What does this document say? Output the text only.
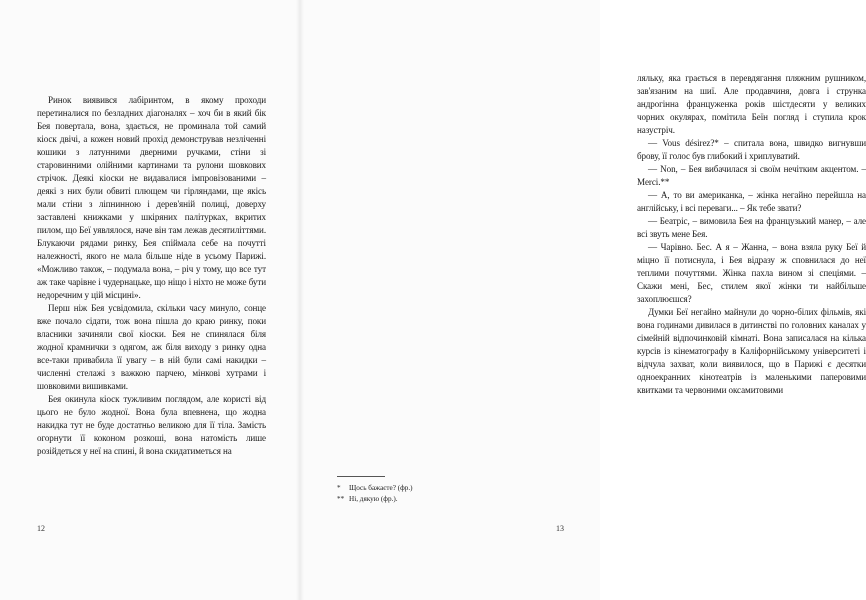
Ринок виявився лабіринтом, в якому проходи перетиналися по безладних діагоналях – хоч би в який бік Бея повертала, вона, здається, не проминала той самий кіоск двічі, а кожен новий прохід демонстрував незліченні кошики з латунними дверними ручками, стіни зі старовинними олійними картинами та рулони шовкових стрічок. Деякі кіоски не видавалися імпровізованими – деякі з них були обвиті плющем чи гірляндами, ще якісь мали стіни з ліпнинною і дерев'яній полиці, доверху заставлені книжками у шкіряних палітурках, вкритих пилом, що Беї уявлялося, наче він там лежав десятиліттями. Блукаючи рядами ринку, Бея спіймала себе на почутті належності, якого не мала більше ніде в усьому Парижі. «Можливо також, – подумала вона, – річ у тому, що все тут аж таке чарівне і чудернацьке, що ніщо і ніхто не може бути недоречним у цій місцині».

Перш ніж Бея усвідомила, скільки часу минуло, сонце вже почало сідати, тож вона пішла до краю ринку, поки власники зачиняли свої кіоски. Бея не спинялася біля жодної крамнички з одягом, аж біля виходу з ринку одна все-таки привабила її увагу – в ній були самі накидки – численні стелажі з важкою парчею, мінкові хутрами і шовковими вишивками.

Бея окинула кіоск тужливим поглядом, але користі від цього не було жодної. Вона була впевнена, що жодна накидка тут не буде достатньо великою для її тіла. Замість огорнути її коконом розкоші, вона натомість лише розійдеться у неї на спині, й вона скидатиметься на

12

ляльку, яка грається в перевдягання пляжним рушником, зав'язаним на шиї. Але продавчиня, довга і струнка андрогінна француженка років шістдесяти у великих чорних окулярах, помітила Беїн погляд і ступила крок назустріч.

— Vous désirez?* – спитала вона, швидко вигнувши брову, її голос був глибокий і хриплуватий.

— Non, – Бея вибачилася зі своїм нечітким акцентом. – Merci.**

— А, то ви американка, – жінка негайно перейшла на англійську, і всі переваги... – Як тебе звати?

— Беатріс, – вимовила Бея на французький манер, – але всі звуть мене Бея.

— Чарівно. Бес. А я – Жанна, – вона взяла руку Беї й міцно її потиснула, і Бея відразу ж сповнилася до неї теплими почуттями. Жінка пахла вином зі спеціями. – Скажи мені, Бес, стилем якої жінки ти найбільше захоплюєшся?

Думки Беї негайно майнули до чорно-білих фільмів, які вона годинами дивилася в дитинстві по головних каналах у сімейній відпочинковій кімнаті. Вона записалася на кілька курсів із кінематографу в Каліфорнійському університеті і відчула захват, коли виявилося, що в Парижі є десятки одноекранних кінотеатрів із маленькими паперовими квитками та червоними оксамитовими

* Щось бажаєте? (фр.)
** Ні, дякую (фр.).
13
